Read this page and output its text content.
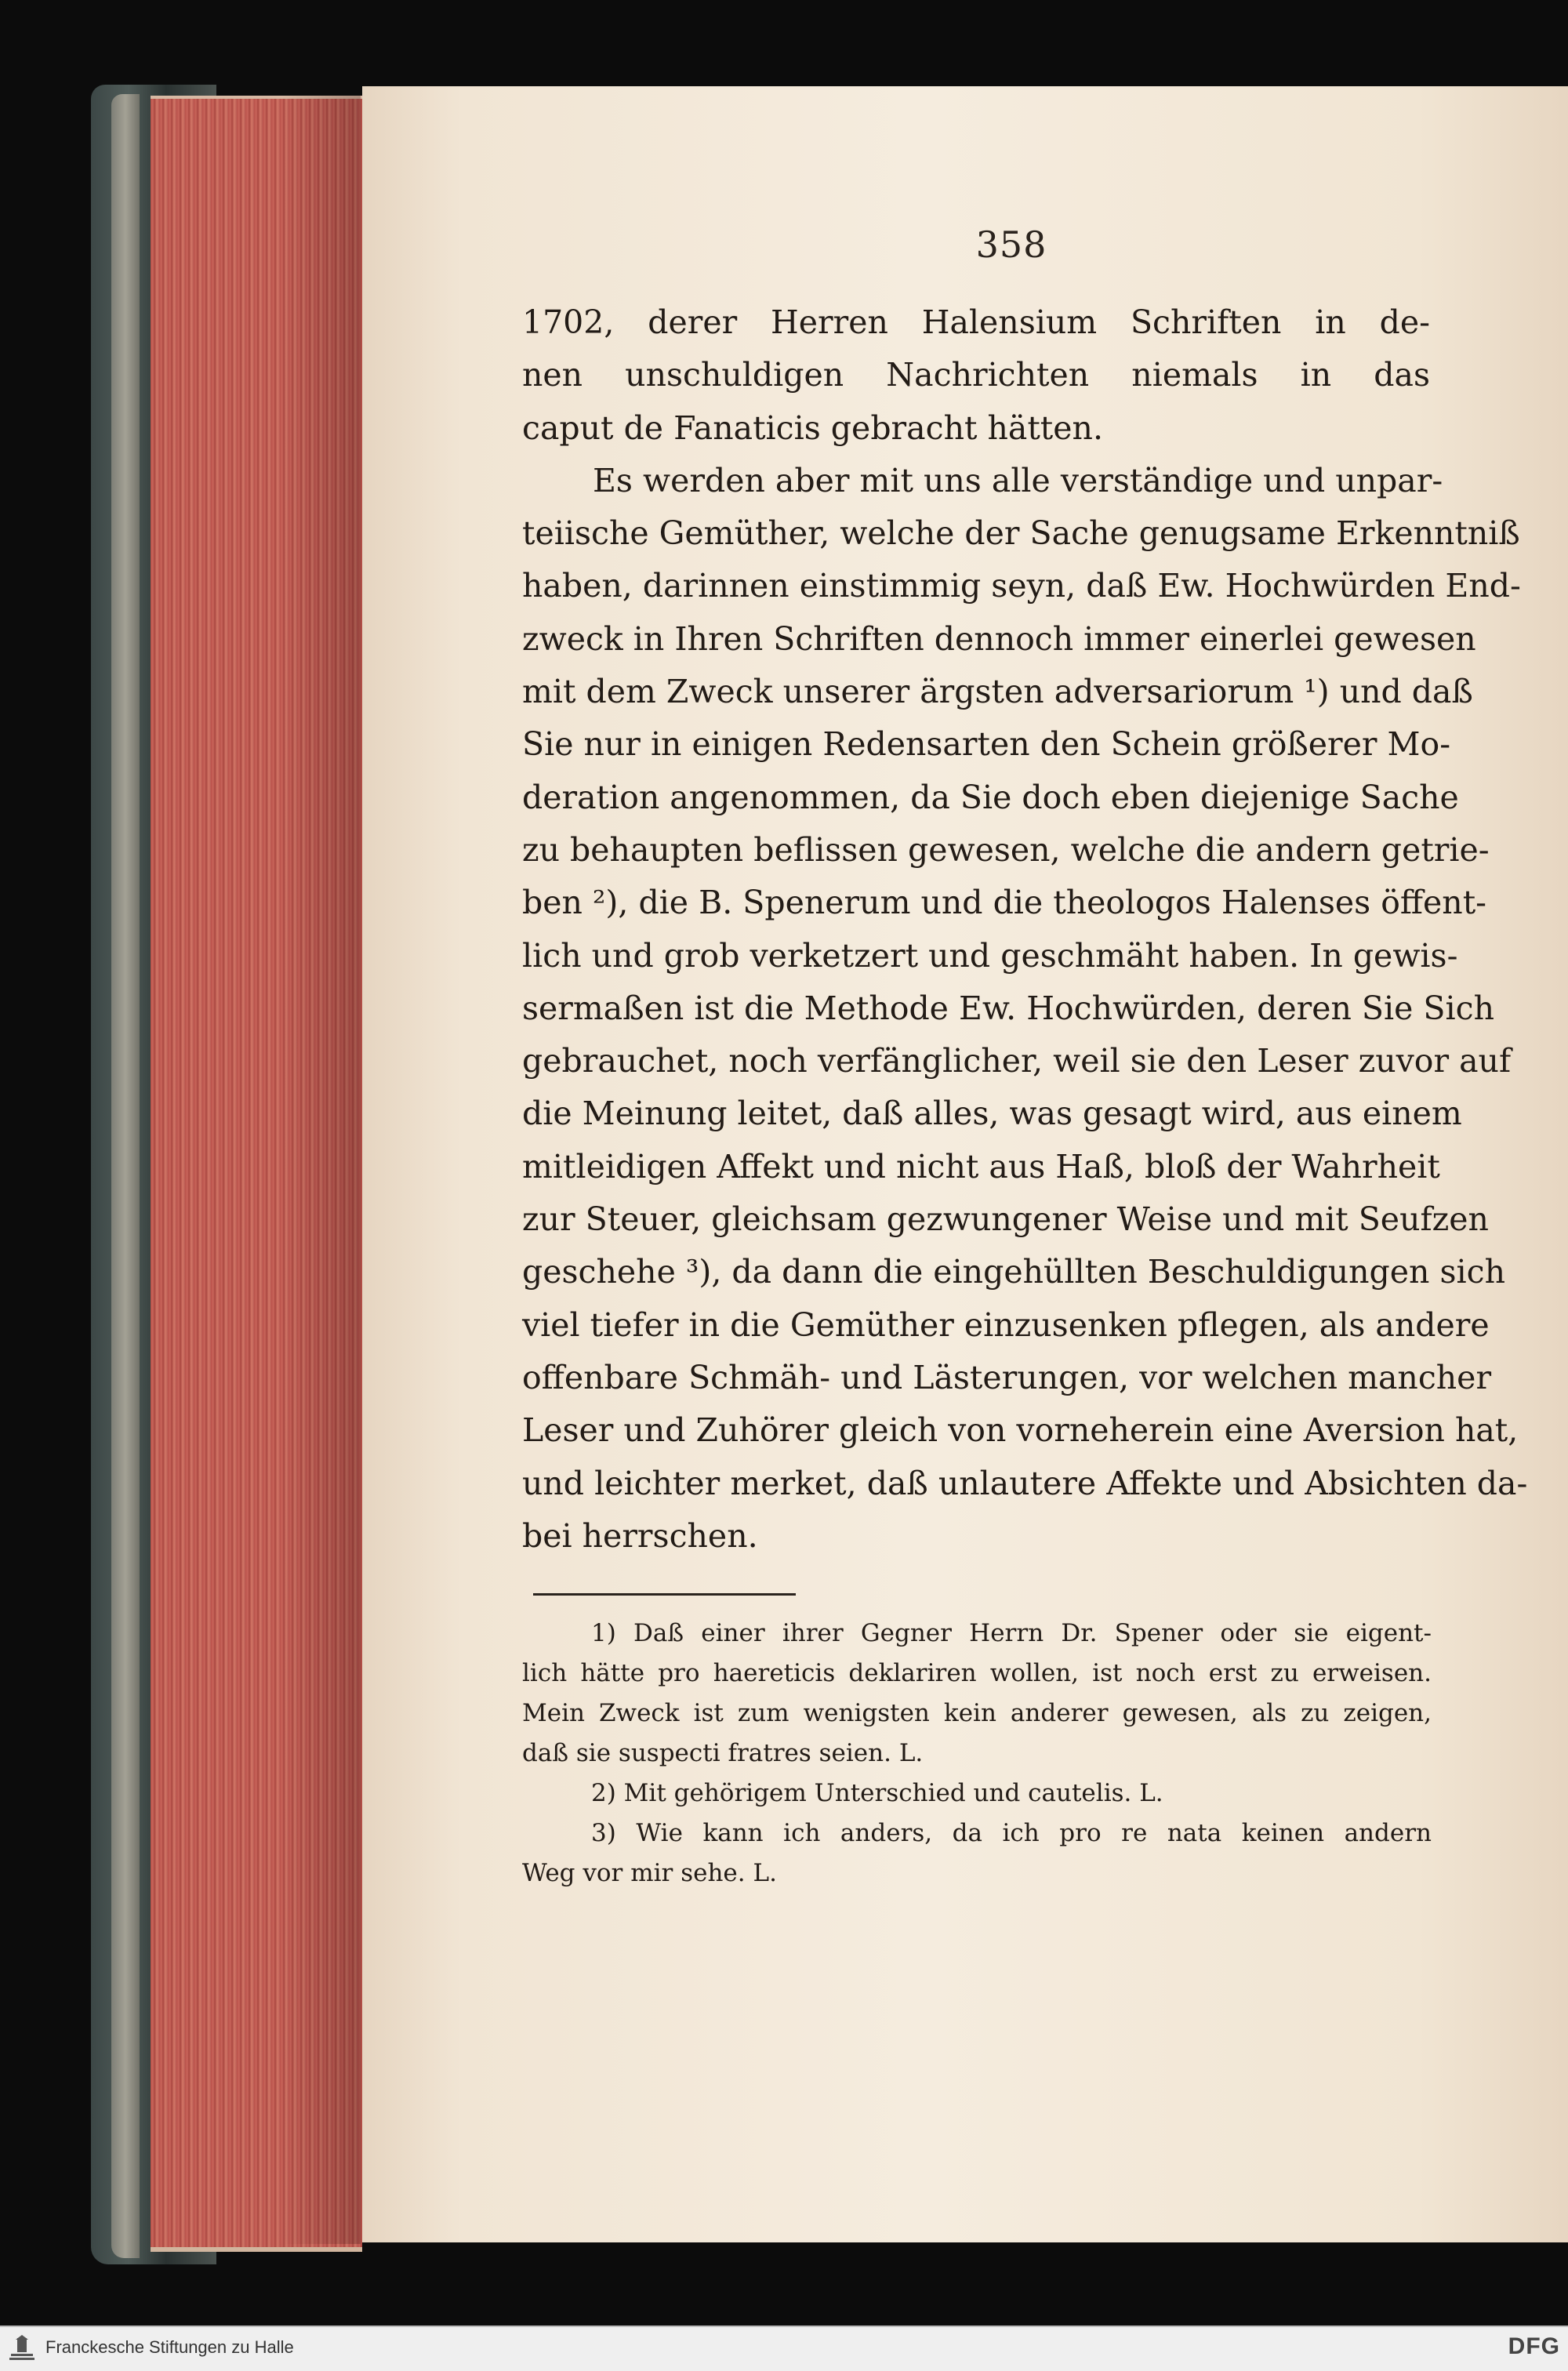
358
1702, derer Herren Halensium Schriften in de-
nen unschuldigen Nachrichten niemals in das
caput de Fanaticis gebracht hätten.
Es werden aber mit uns alle verständige und unpar-
teiische Gemüther, welche der Sache genugsame Erkenntniß
haben, darinnen einstimmig seyn, daß Ew. Hochwürden End-
zweck in Ihren Schriften dennoch immer einerlei gewesen
mit dem Zweck unserer ärgsten adversariorum ¹) und daß
Sie nur in einigen Redensarten den Schein größerer Mo-
deration angenommen, da Sie doch eben diejenige Sache
zu behaupten beflissen gewesen, welche die andern getrie-
ben ²), die B. Spenerum und die theologos Halenses öffent-
lich und grob verketzert und geschmäht haben. In gewis-
sermaßen ist die Methode Ew. Hochwürden, deren Sie Sich
gebrauchet, noch verfänglicher, weil sie den Leser zuvor auf
die Meinung leitet, daß alles, was gesagt wird, aus einem
mitleidigen Affekt und nicht aus Haß, bloß der Wahrheit
zur Steuer, gleichsam gezwungener Weise und mit Seufzen
geschehe ³), da dann die eingehüllten Beschuldigungen sich
viel tiefer in die Gemüther einzusenken pflegen, als andere
offenbare Schmäh- und Lästerungen, vor welchen mancher
Leser und Zuhörer gleich von vorneherein eine Aversion hat,
und leichter merket, daß unlautere Affekte und Absichten da-
bei herrschen.
1) Daß einer ihrer Gegner Herrn Dr. Spener oder sie eigent-
lich hätte pro haereticis deklariren wollen, ist noch erst zu erweisen.
Mein Zweck ist zum wenigsten kein anderer gewesen, als zu zeigen,
daß sie suspecti fratres seien. L.
2) Mit gehörigem Unterschied und cautelis. L.
3) Wie kann ich anders, da ich pro re nata keinen andern
Weg vor mir sehe. L.
Franckesche Stiftungen zu Halle	DFG
